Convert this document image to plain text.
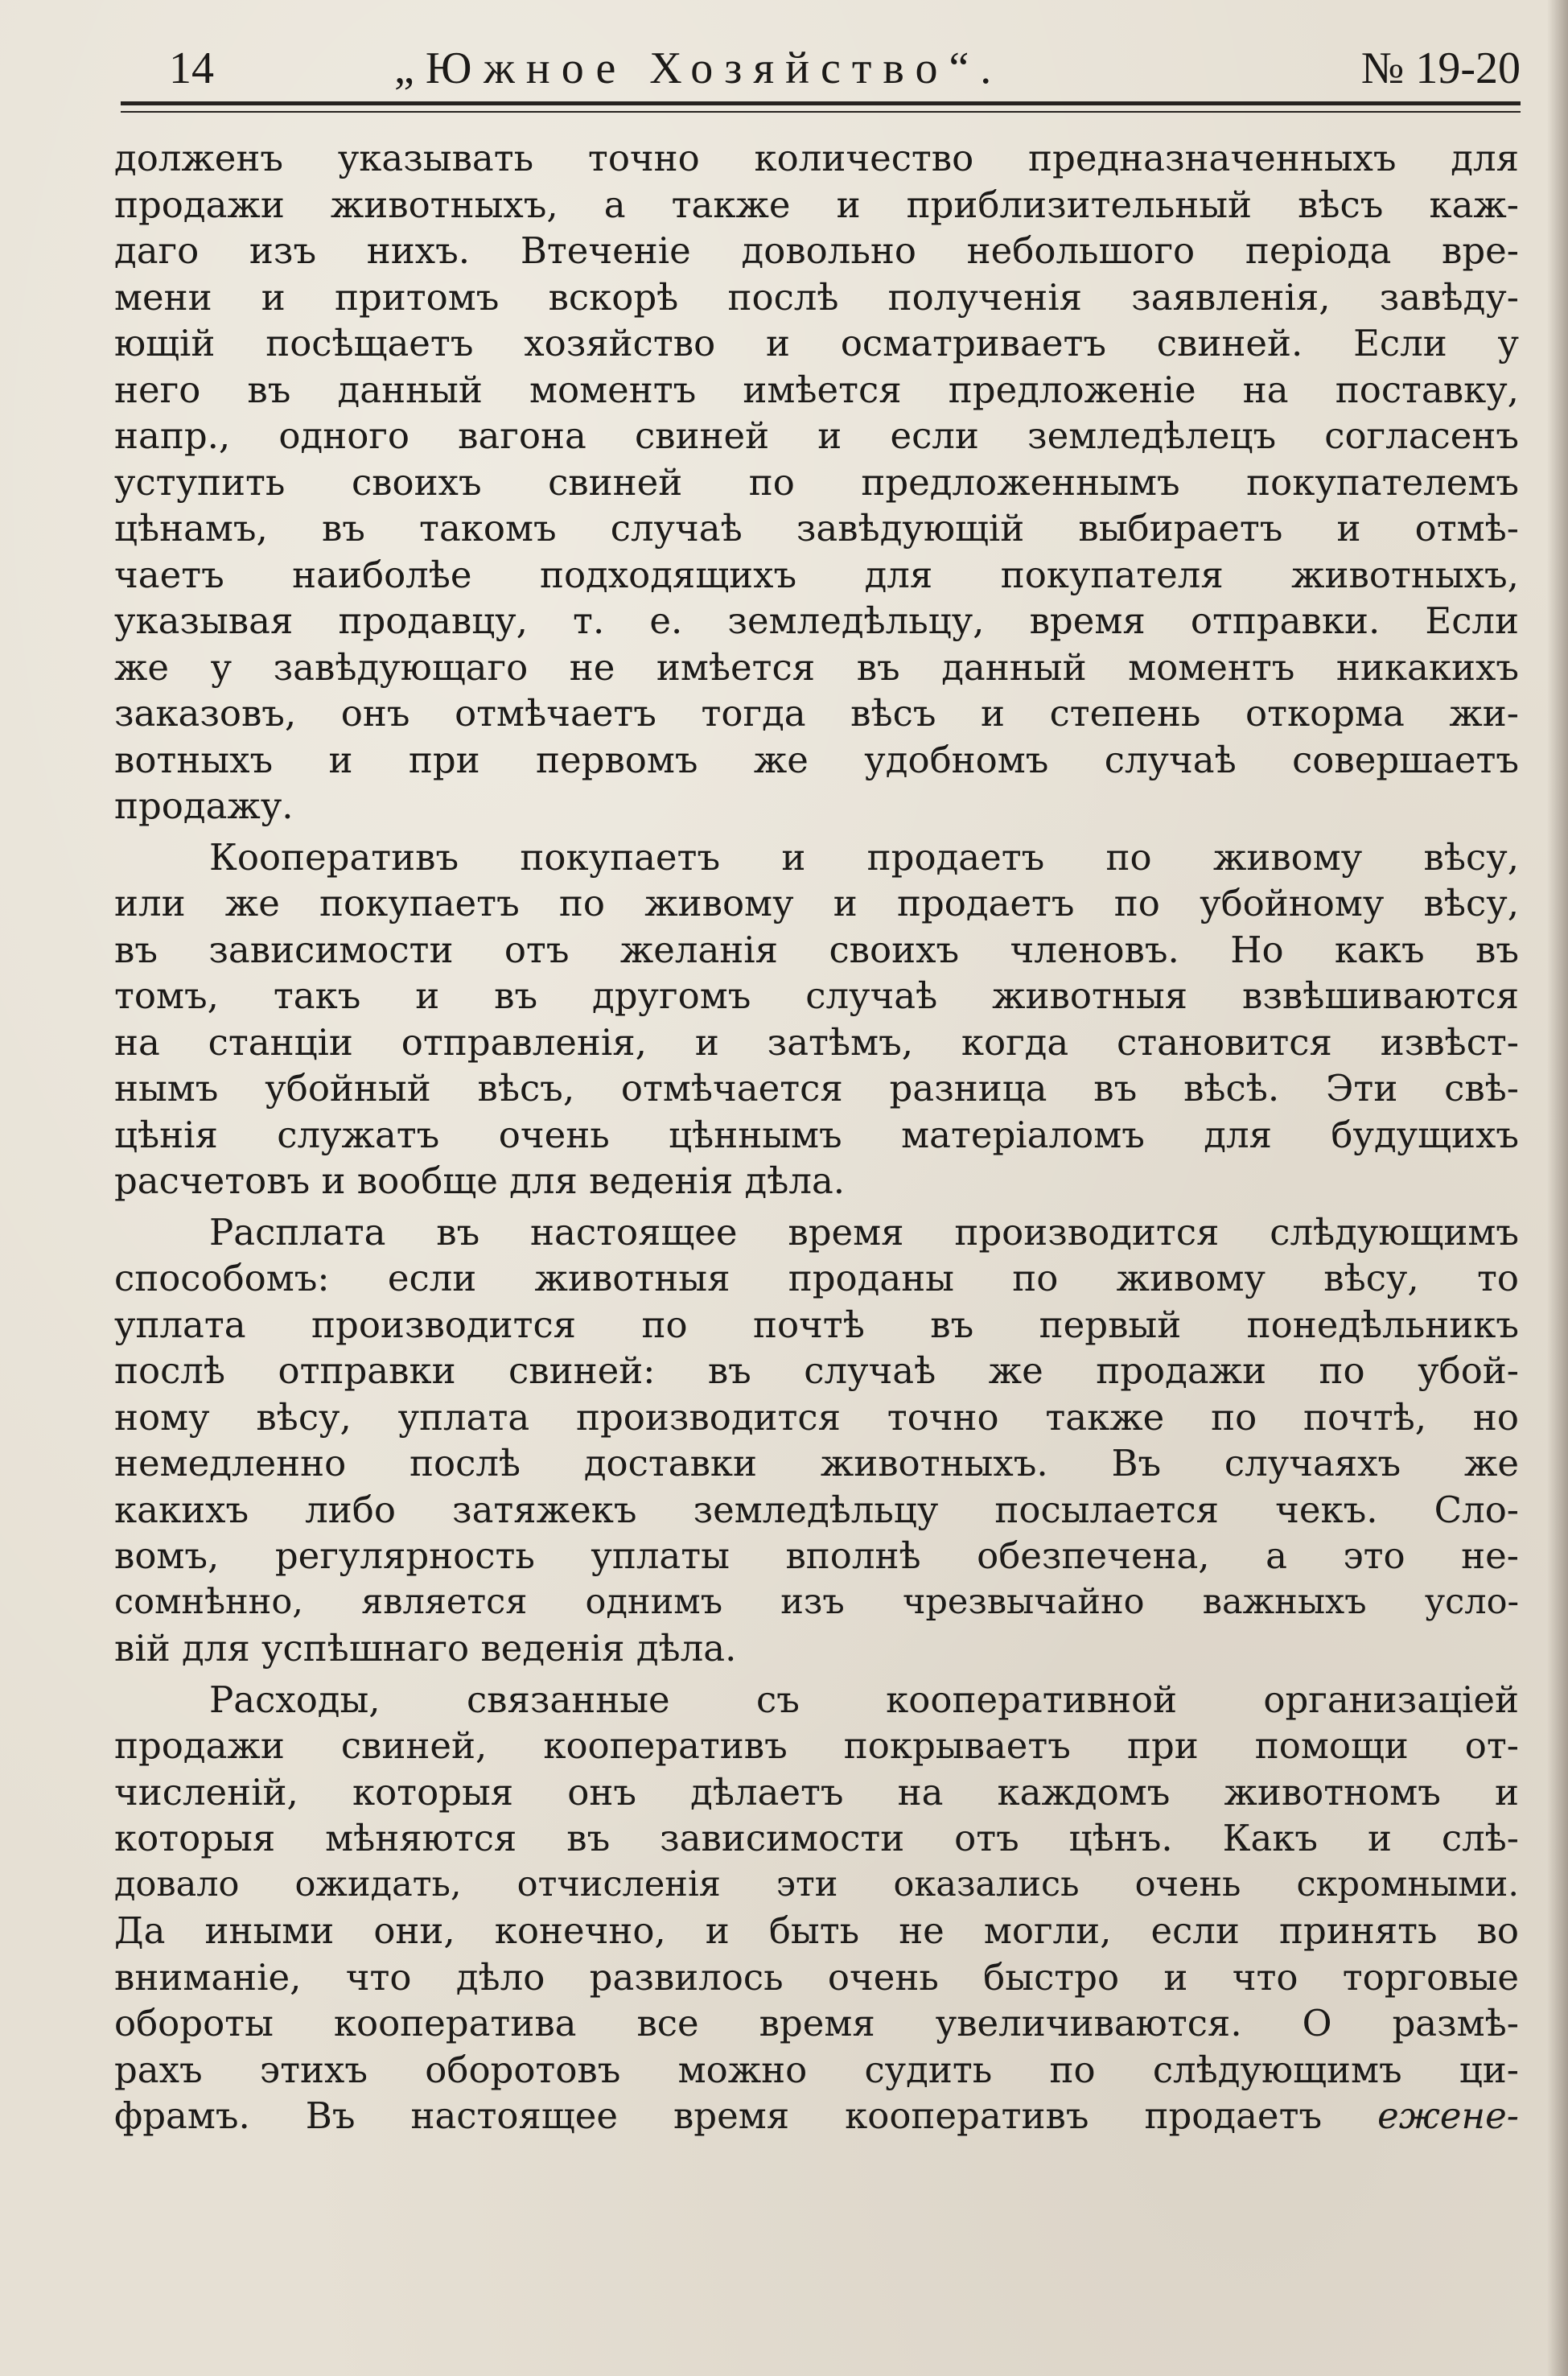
14	„Южное Хозяйство“.	№ 19-20
долженъ указывать точно количество предназначенныхъ для
продажи животныхъ, а также и приблизительный вѣсъ каж-
даго изъ нихъ. Втеченіе довольно небольшого періода вре-
мени и притомъ вскорѣ послѣ полученія заявленія, завѣду-
ющій посѣщаетъ хозяйство и осматриваетъ свиней. Если у
него въ данный моментъ имѣется предложеніе на поставку,
напр., одного вагона свиней и если земледѣлецъ согласенъ
уступить своихъ свиней по предложеннымъ покупателемъ
цѣнамъ, въ такомъ случаѣ завѣдующій выбираетъ и отмѣ-
чаетъ наиболѣе подходящихъ для покупателя животныхъ,
указывая продавцу, т. е. земледѣльцу, время отправки. Если
же у завѣдующаго не имѣется въ данный моментъ никакихъ
заказовъ, онъ отмѣчаетъ тогда вѣсъ и степень откорма жи-
вотныхъ и при первомъ же удобномъ случаѣ совершаетъ
продажу.
Кооперативъ покупаетъ и продаетъ по живому вѣсу,
или же покупаетъ по живому и продаетъ по убойному вѣсу,
въ зависимости отъ желанія своихъ членовъ. Но какъ въ
томъ, такъ и въ другомъ случаѣ животныя взвѣшиваются
на станціи отправленія, и затѣмъ, когда становится извѣст-
нымъ убойный вѣсъ, отмѣчается разница въ вѣсѣ. Эти свѣ-
цѣнія служатъ очень цѣннымъ матеріаломъ для будущихъ
расчетовъ и вообще для веденія дѣла.
Расплата въ настоящее время производится слѣдующимъ
способомъ: если животныя проданы по живому вѣсу, то
уплата производится по почтѣ въ первый понедѣльникъ
послѣ отправки свиней: въ случаѣ же продажи по убой-
ному вѣсу, уплата производится точно также по почтѣ, но
немедленно послѣ доставки животныхъ. Въ случаяхъ же
какихъ либо затяжекъ земледѣльцу посылается чекъ. Сло-
вомъ, регулярность уплаты вполнѣ обезпечена, а это не-
сомнѣнно, является однимъ изъ чрезвычайно важныхъ усло-
вій для успѣшнаго веденія дѣла.
Расходы, связанные съ кооперативной организаціей
продажи свиней, кооперативъ покрываетъ при помощи от-
численій, которыя онъ дѣлаетъ на каждомъ животномъ и
которыя мѣняются въ зависимости отъ цѣнъ. Какъ и слѣ-
довало ожидать, отчисленія эти оказались очень скромными.
Да иными они, конечно, и быть не могли, если принять во
вниманіе, что дѣло развилось очень быстро и что торговые
обороты кооператива все время увеличиваются. О размѣ-
рахъ этихъ оборотовъ можно судить по слѣдующимъ ци-
фрамъ. Въ настоящее время кооперативъ продаетъ ежене-
